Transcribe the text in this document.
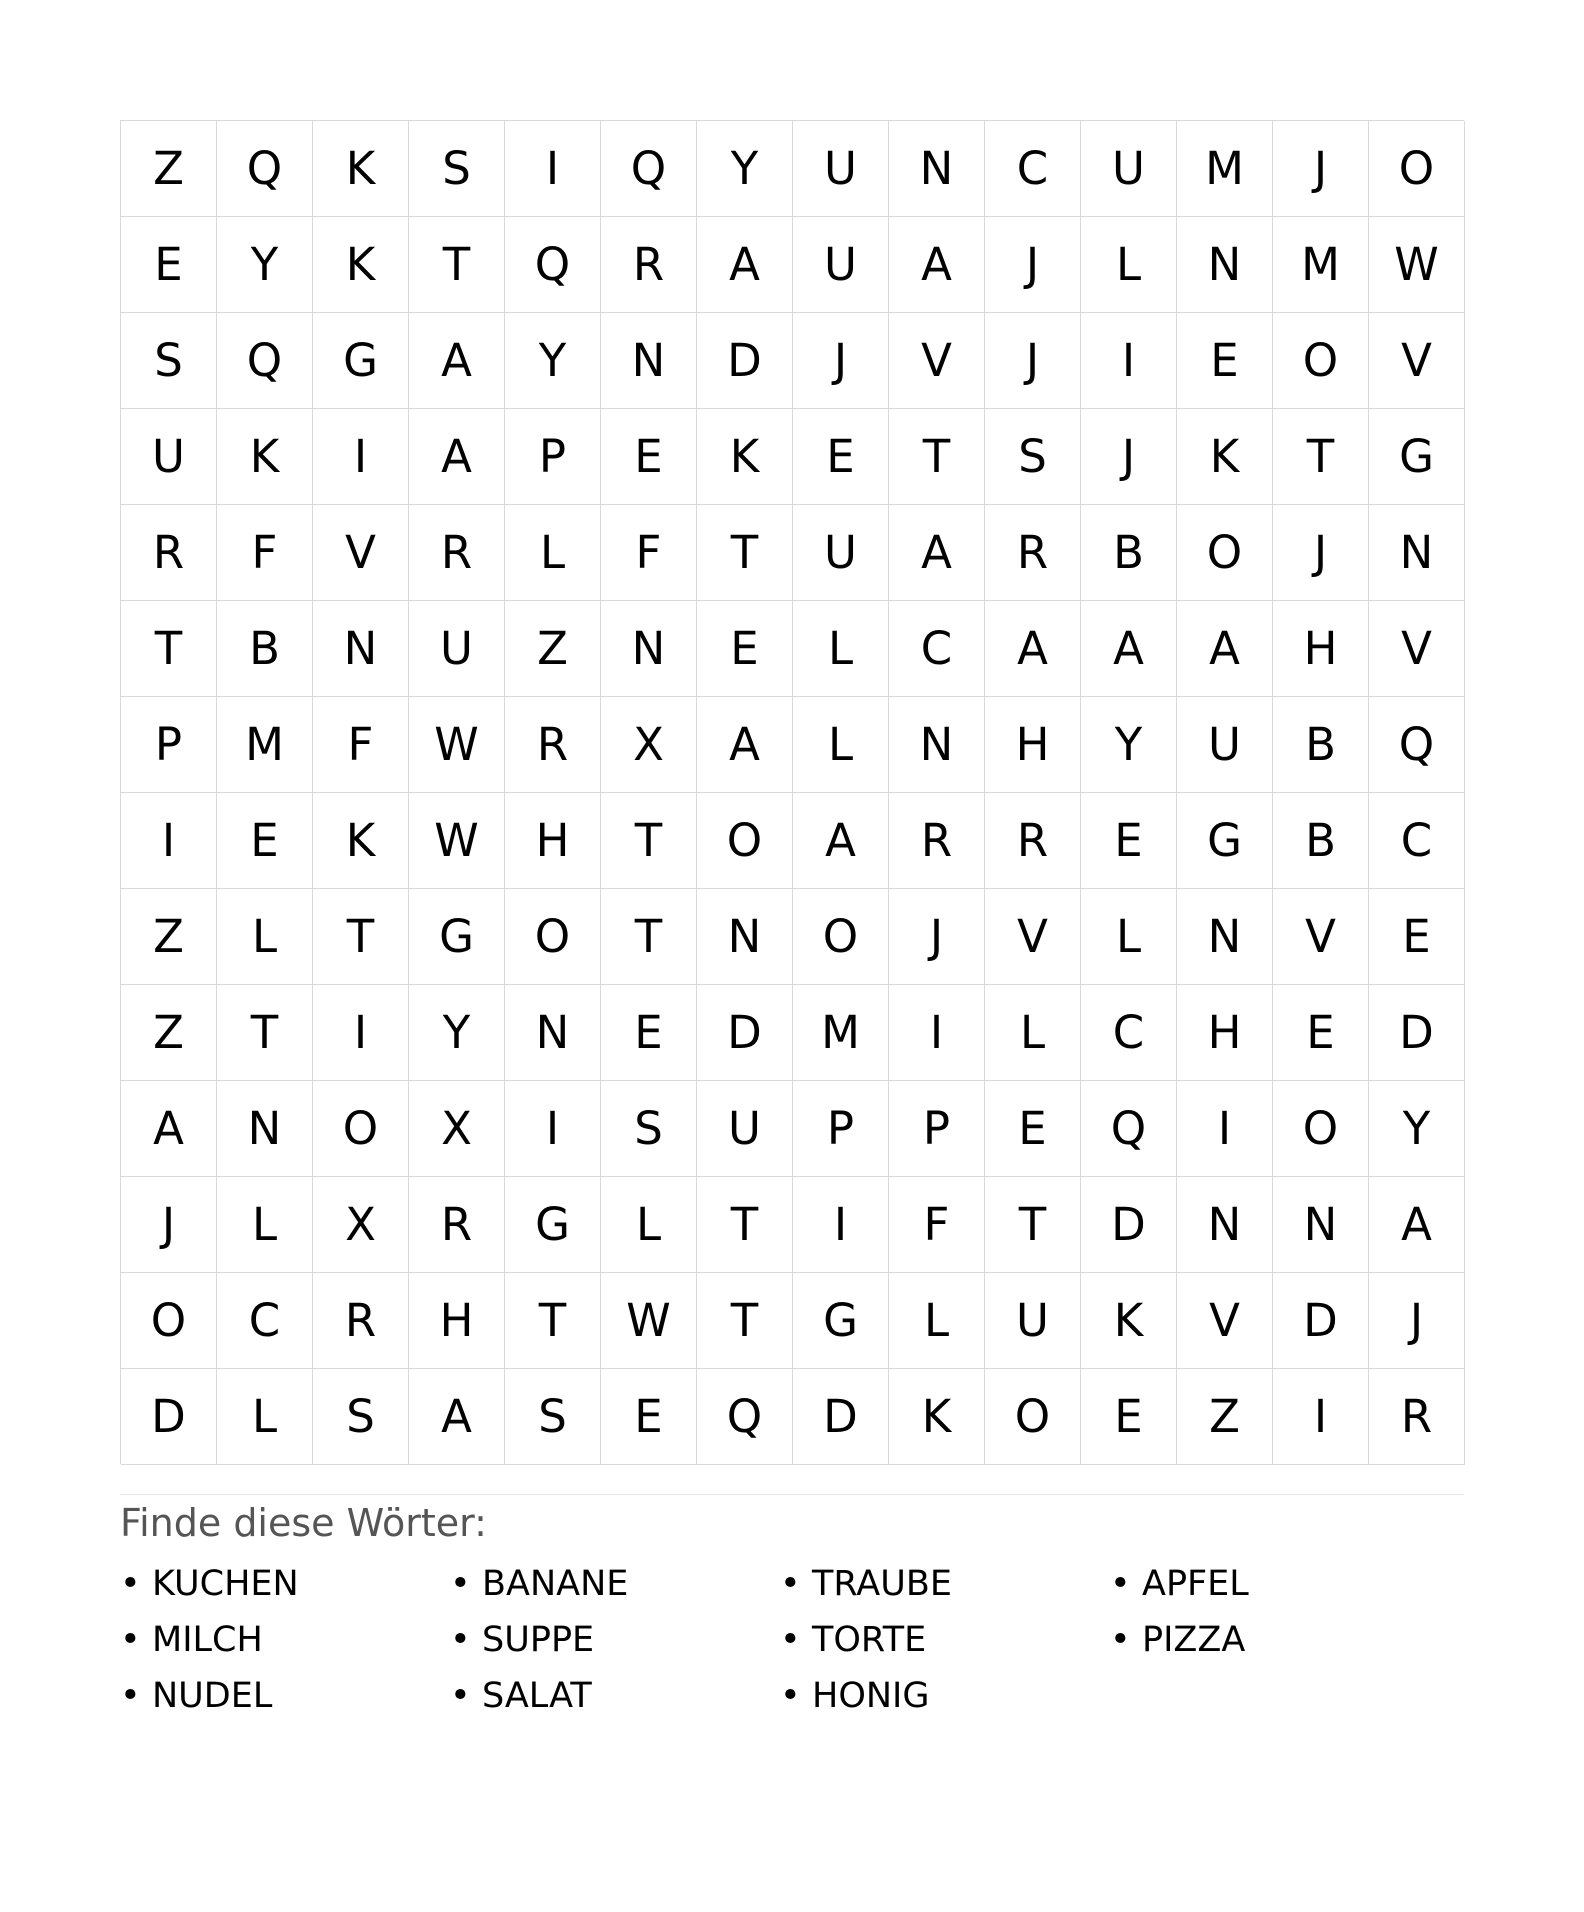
Z	Q	K	S	I	Q	Y	U	N	C	U	M	J	O
E	Y	K	T	Q	R	A	U	A	J	L	N	M	W
S	Q	G	A	Y	N	D	J	V	J	I	E	O	V
U	K	I	A	P	E	K	E	T	S	J	K	T	G
R	F	V	R	L	F	T	U	A	R	B	O	J	N
T	B	N	U	Z	N	E	L	C	A	A	A	H	V
P	M	F	W	R	X	A	L	N	H	Y	U	B	Q
I	E	K	W	H	T	O	A	R	R	E	G	B	C
Z	L	T	G	O	T	N	O	J	V	L	N	V	E
Z	T	I	Y	N	E	D	M	I	L	C	H	E	D
A	N	O	X	I	S	U	P	P	E	Q	I	O	Y
J	L	X	R	G	L	T	I	F	T	D	N	N	A
O	C	R	H	T	W	T	G	L	U	K	V	D	J
D	L	S	A	S	E	Q	D	K	O	E	Z	I	R
Finde diese Wörter:
• KUCHEN
• MILCH
• NUDEL
• BANANE
• SUPPE
• SALAT
• TRAUBE
• TORTE
• HONIG
• APFEL
• PIZZA
